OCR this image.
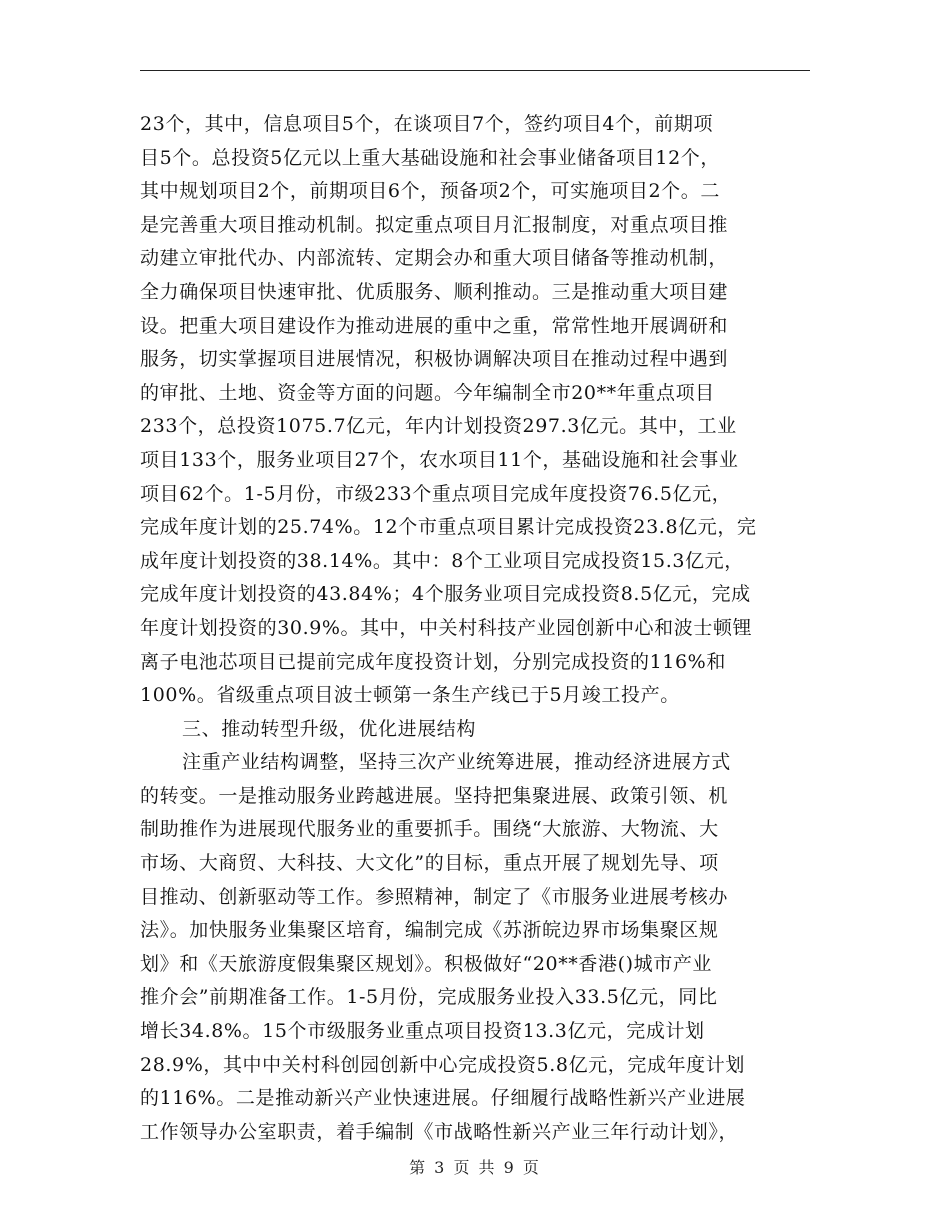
23个，其中，信息项目5个，在谈项目7个，签约项目4个，前期项
目5个。总投资5亿元以上重大基础设施和社会事业储备项目12个，
其中规划项目2个，前期项目6个，预备项2个，可实施项目2个。二
是完善重大项目推动机制。拟定重点项目月汇报制度，对重点项目推
动建立审批代办、内部流转、定期会办和重大项目储备等推动机制，
全力确保项目快速审批、优质服务、顺利推动。三是推动重大项目建
设。把重大项目建设作为推动进展的重中之重，常常性地开展调研和
服务，切实掌握项目进展情况，积极协调解决项目在推动过程中遇到
的审批、土地、资金等方面的问题。今年编制全市20**年重点项目
233个，总投资1075.7亿元，年内计划投资297.3亿元。其中，工业
项目133个，服务业项目27个，农水项目11个，基础设施和社会事业
项目62个。1-5月份，市级233个重点项目完成年度投资76.5亿元，
完成年度计划的25.74%。12个市重点项目累计完成投资23.8亿元，完
成年度计划投资的38.14%。其中：8个工业项目完成投资15.3亿元，
完成年度计划投资的43.84%；4个服务业项目完成投资8.5亿元，完成
年度计划投资的30.9%。其中，中关村科技产业园创新中心和波士顿锂
离子电池芯项目已提前完成年度投资计划，分别完成投资的116%和
100%。省级重点项目波士顿第一条生产线已于5月竣工投产。
三、推动转型升级，优化进展结构
注重产业结构调整，坚持三次产业统筹进展，推动经济进展方式
的转变。一是推动服务业跨越进展。坚持把集聚进展、政策引领、机
制助推作为进展现代服务业的重要抓手。围绕“大旅游、大物流、大
市场、大商贸、大科技、大文化”的目标，重点开展了规划先导、项
目推动、创新驱动等工作。参照精神，制定了《市服务业进展考核办
法》。加快服务业集聚区培育，编制完成《苏浙皖边界市场集聚区规
划》和《天旅游度假集聚区规划》。积极做好“20**香港()城市产业
推介会”前期准备工作。1-5月份，完成服务业投入33.5亿元，同比
增长34.8%。15个市级服务业重点项目投资13.3亿元，完成计划
28.9%，其中中关村科创园创新中心完成投资5.8亿元，完成年度计划
的116%。二是推动新兴产业快速进展。仔细履行战略性新兴产业进展
工作领导办公室职责，着手编制《市战略性新兴产业三年行动计划》，
第 3 页 共 9 页
